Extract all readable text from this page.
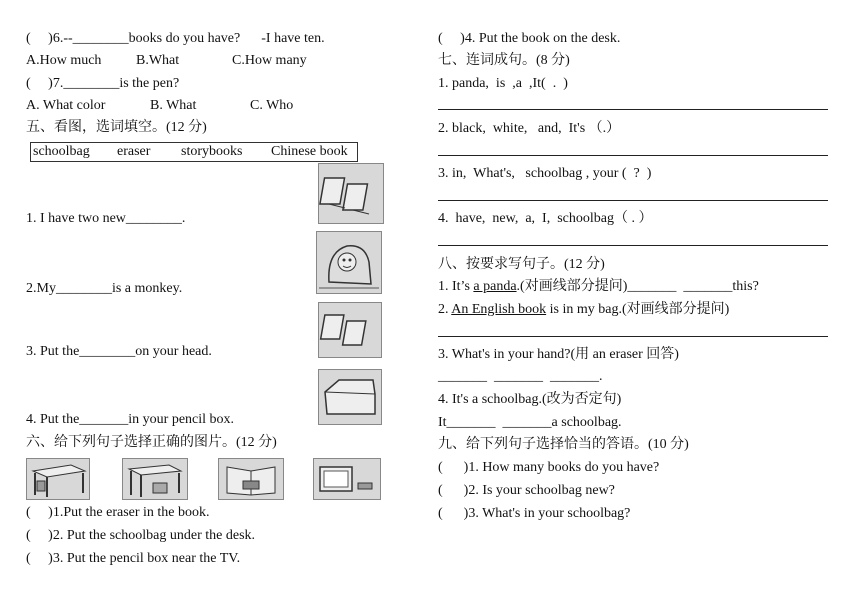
(     )6.--________books do you have?      -I have ten.
A.How much B.What	C.How many
(     )7.________is the pen?
A. What color	B. What	C. Who
五、看图，选词填空。(12 分)
schoolbag eraser storybooks Chinese book
1. I have two new________.
2.My________is a monkey.
3. Put the________on your head.
4. Put the_______in your pencil box.
六、给下列句子选择正确的图片。(12 分)
(     )1.Put the eraser in the book.
(     )2. Put the schoolbag under the desk.
(     )3. Put the pencil box near the TV.
(     )4. Put the book on the desk.
七、连词成句。(8 分)
1. panda,  is  ,a  ,It(  .  )
2. black,  white,   and,  It's （.）
3. in,  What's,   schoolbag , your (  ?  )
4.  have,  new,  a,  I,  schoolbag（ . ）
八、按要求写句子。(12 分)
1. It’s a panda.(对画线部分提问)_______  _______this?
2. An English book is in my bag.(对画线部分提问)
3. What's in your hand?(用 an eraser 回答)
_______  _______  _______.
4. It's a schoolbag.(改为否定句)
It_______  _______a schoolbag.
九、给下列句子选择恰当的答语。(10 分)
(      )1. How many books do you have?
(      )2. Is your schoolbag new?
(      )3. What's in your schoolbag?
